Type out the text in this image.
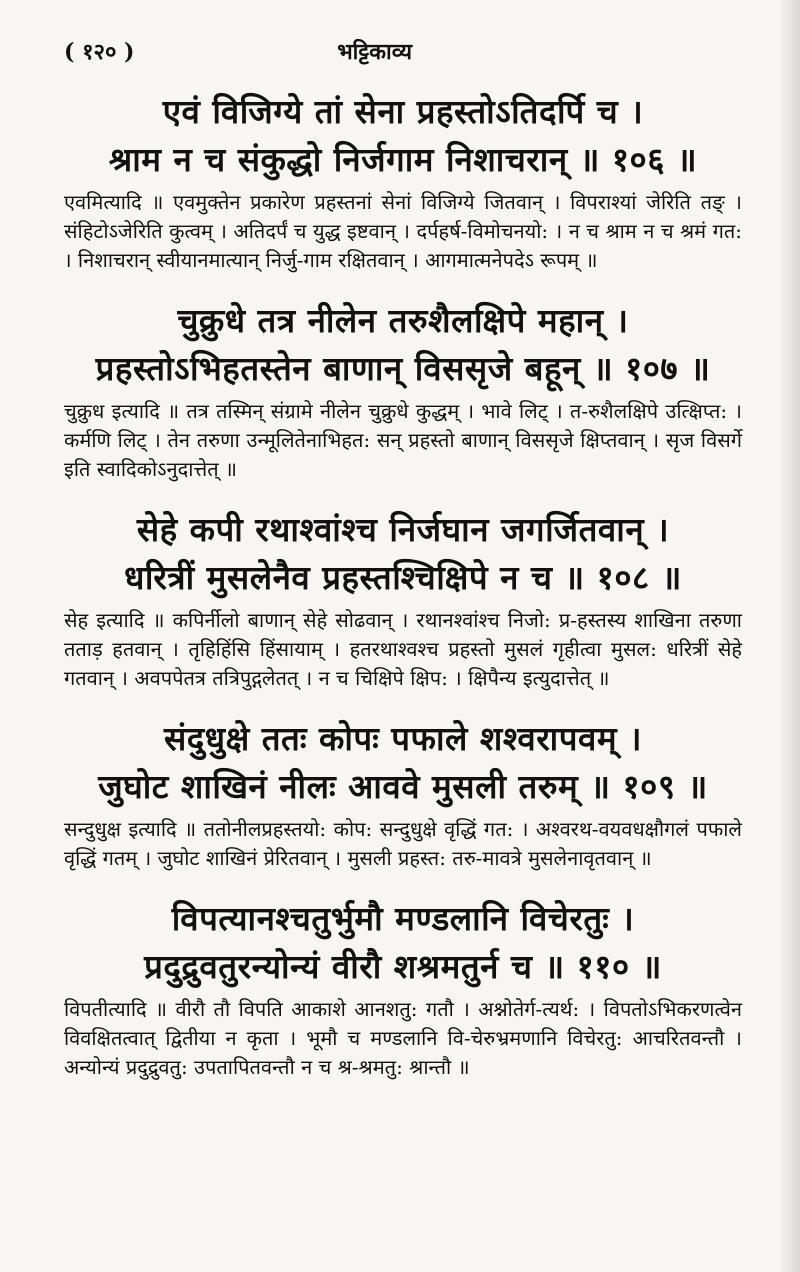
( १२० )	भट्टिकाव्य
एवं विजिग्ये तां सेना प्रहस्तोऽतिदर्पि च ।
श्राम न च संकुद्धो निर्जगाम निशाचरान् ॥ १०६ ॥
एवमित्यादि ॥ एवमुक्तेन प्रकारेण प्रहस्तनां सेनां विजिग्ये जितवान् । विपराश्यां जेरिति तङ् । संहिटोऽजेरिति कुत्वम् । अतिदर्पं च युद्ध इष्टवान् । दर्पहर्ष-विमोचनयो: । न च श्राम न च श्रमं गत: । निशाचरान् स्वीयानमात्यान् निर्जु-गाम रक्षितवान् । आगमात्मनेपदेऽ रूपम् ॥
चुक्रुधे तत्र नीलेन तरुशैलक्षिपे महान् ।
प्रहस्तोऽभिहतस्तेन बाणान् विससृजे बहून् ॥ १०७ ॥
चुक्रुध इत्यादि ॥ तत्र तस्मिन् संग्रामे नीलेन चुक्रुधे कुद्धम् । भावे लिट् । त-रुशैलक्षिपे उत्क्षिप्त: । कर्मणि लिट् । तेन तरुणा उन्मूलितेनाभिहत: सन् प्रहस्तो बाणान् विससृजे क्षिप्तवान् । सृज विसर्गे इति स्वादिकोऽनुदात्तेत् ॥
सेहे कपी रथाश्वांश्च निर्जघान जगर्जितवान् ।
धरित्रीं मुसलेनैव प्रहस्तश्चिक्षिपे न च ॥ १०८ ॥
सेह इत्यादि ॥ कपिर्नीलो बाणान् सेहे सोढवान् । रथानश्वांश्च निजो: प्र-हस्तस्य शाखिना तरुणा तताड़ हतवान् । तृहिहिंसि हिंसायाम् । हतरथाश्वश्च प्रहस्तो मुसलं गृहीत्वा मुसल: धरित्रीं सेहे गतवान् । अवपपेतत्र तत्रिपुद्गलेतत् । न च चिक्षिपे क्षिप: । क्षिपैन्य इत्युदात्तेत् ॥
संदुधुक्षे ततः कोपः पफाले शश्वरापवम् ।
जुघोट शाखिनं नीलः आववे मुसली तरुम् ॥ १०९ ॥
सन्दुधुक्ष इत्यादि ॥ ततोनीलप्रहस्तयो: कोप: सन्दुधुक्षे वृद्धिं गत: । अश्वरथ-वयवधक्षौगलं पफाले वृद्धिं गतम् । जुघोट शाखिनं प्रेरितवान् । मुसली प्रहस्त: तरु-मावत्रे मुसलेनावृतवान् ॥
विपत्यानश्चतुर्भुमौ मण्डलानि विचेरतुः ।
प्रदुद्रुवतुरन्योन्यं वीरौ शश्रमतुर्न च ॥ ११० ॥
विपतीत्यादि ॥ वीरौ तौ विपति आकाशे आनशतु: गतौ । अश्नोतेर्ग-त्यर्थ: । विपतोऽभिकरणत्वेन विवक्षितत्वात् द्वितीया न कृता । भूमौ च मण्डलानि वि-चेरुभ्रमणानि विचेरतु: आचरितवन्तौ । अन्योन्यं प्रदुद्रुवतु: उपतापितवन्तौ न च श्र-श्रमतु: श्रान्तौ ॥
